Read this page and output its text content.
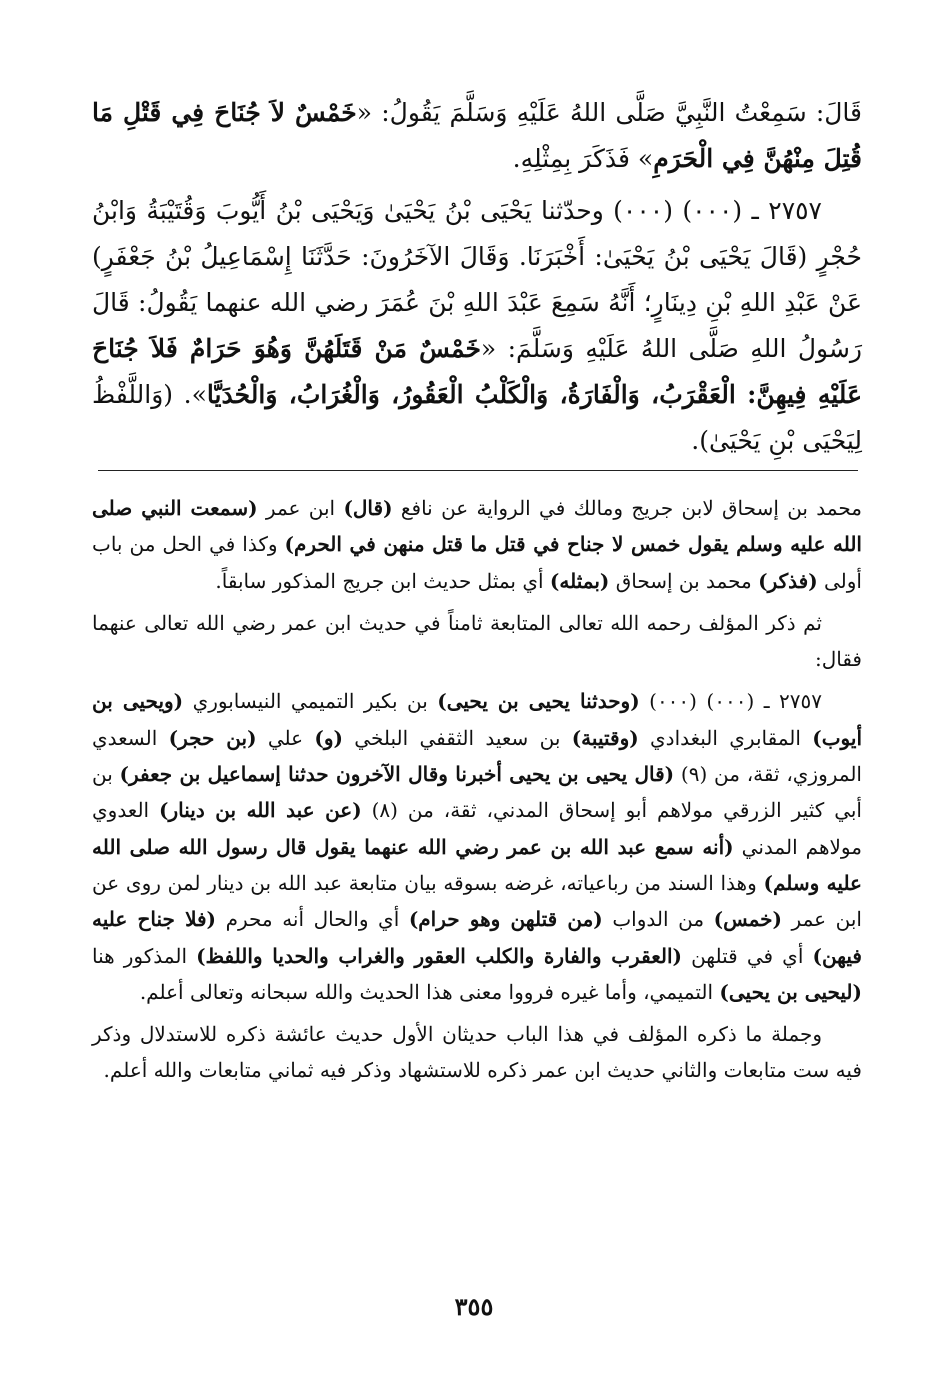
قَالَ: سَمِعْتُ النَّبِيَّ صَلَّى اللهُ عَلَيْهِ وَسَلَّمَ يَقُولُ: «خَمْسٌ لاَ جُنَاحَ فِي قَتْلِ مَا قُتِلَ مِنْهُنَّ فِي الْحَرَمِ» فَذَكَرَ بِمِثْلِهِ.

٢٧٥٧ ـ (٠٠٠) (٠٠٠) وحدّثنا يَحْيَى بْنُ يَحْيَىٰ وَيَحْيَى بْنُ أَيُّوبَ وَقُتَيْبَةُ وَابْنُ حُجْرٍ (قَالَ يَحْيَى بْنُ يَحْيَىٰ: أَخْبَرَنَا. وَقَالَ الآخَرُونَ: حَدَّثَنَا إِسْمَاعِيلُ بْنُ جَعْفَرٍ) عَنْ عَبْدِ اللهِ بْنِ دِينَارٍ؛ أَنَّهُ سَمِعَ عَبْدَ اللهِ بْنَ عُمَرَ رضي الله عنهما يَقُولُ: قَالَ رَسُولُ اللهِ صَلَّى اللهُ عَلَيْهِ وَسَلَّمَ: «خَمْسٌ مَنْ قَتَلَهُنَّ وَهُوَ حَرَامٌ فَلاَ جُنَاحَ عَلَيْهِ فِيهِنَّ: الْعَقْرَبُ، وَالْفَارَةُ، وَالْكَلْبُ الْعَقُورُ، وَالْغُرَابُ، وَالْحُدَيَّا». (وَاللَّفْظُ لِيَحْيَى بْنِ يَحْيَىٰ).

محمد بن إسحاق لابن جريج ومالك في الرواية عن نافع (قال) ابن عمر (سمعت النبي صلى الله عليه وسلم يقول خمس لا جناح في قتل ما قتل منهن في الحرم) وكذا في الحل من باب أولى (فذكر) محمد بن إسحاق (بمثله) أي بمثل حديث ابن جريج المذكور سابقاً.

ثم ذكر المؤلف رحمه الله تعالى المتابعة ثامناً في حديث ابن عمر رضي الله تعالى عنهما فقال:

٢٧٥٧ ـ (٠٠٠) (٠٠٠) (وحدثنا يحيى بن يحيى) بن بكير التميمي النيسابوري (ويحيى بن أيوب) المقابري البغدادي (وقتيبة) بن سعيد الثقفي البلخي (و) علي (بن حجر) السعدي المروزي، ثقة، من (٩) (قال يحيى بن يحيى أخبرنا وقال الآخرون حدثنا إسماعيل بن جعفر) بن أبي كثير الزرقي مولاهم أبو إسحاق المدني، ثقة، من (٨) (عن عبد الله بن دينار) العدوي مولاهم المدني (أنه سمع عبد الله بن عمر رضي الله عنهما يقول قال رسول الله صلى الله عليه وسلم) وهذا السند من رباعياته، غرضه بسوقه بيان متابعة عبد الله بن دينار لمن روى عن ابن عمر (خمس) من الدواب (من قتلهن وهو حرام) أي والحال أنه محرم (فلا جناح عليه فيهن) أي في قتلهن (العقرب والفارة والكلب العقور والغراب والحديا واللفظ) المذكور هنا (ليحيى بن يحيى) التميمي، وأما غيره فرووا معنى هذا الحديث والله سبحانه وتعالى أعلم.

وجملة ما ذكره المؤلف في هذا الباب حديثان الأول حديث عائشة ذكره للاستدلال وذكر فيه ست متابعات والثاني حديث ابن عمر ذكره للاستشهاد وذكر فيه ثماني متابعات والله أعلم.

٣٥٥
